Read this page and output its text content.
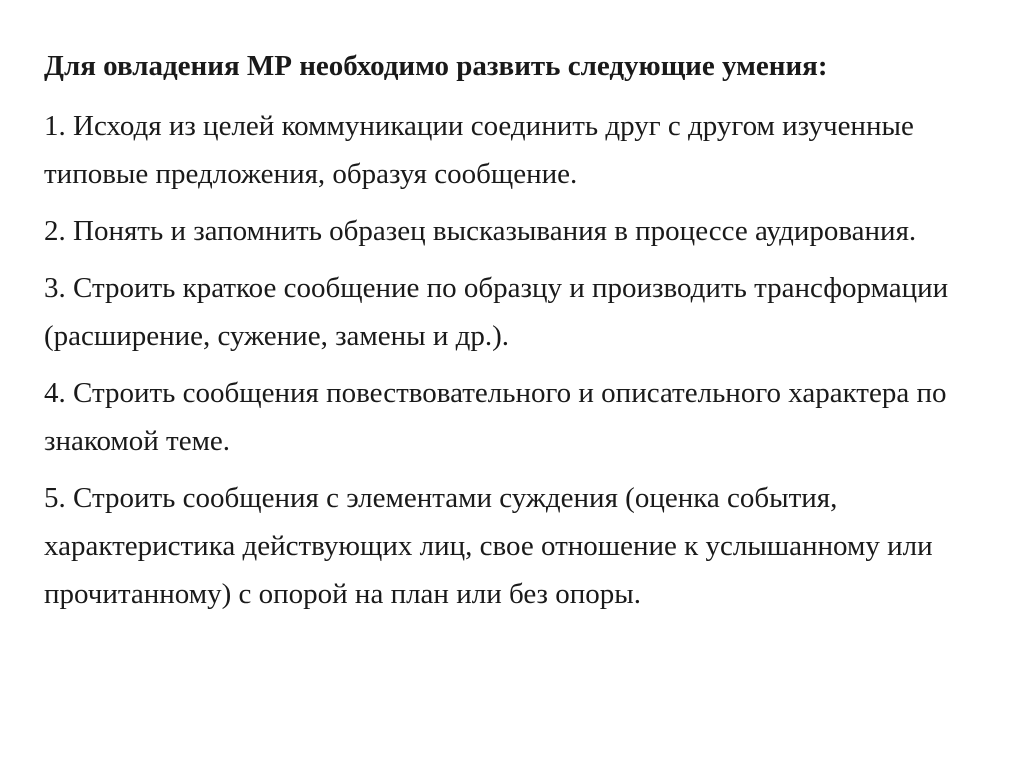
Для овладения МР необходимо развить следующие умения:

1. Исходя из целей коммуникации соединить друг с другом изученные типовые предложения, образуя сообщение.

2. Понять и запомнить образец высказывания в процессе аудирования.

3. Строить краткое сообщение по образцу и производить трансформации (расширение, сужение, замены и др.).

4. Строить сообщения повествовательного и описательного характера по знакомой теме.

5. Строить сообщения с элементами суждения (оценка события, характеристика действующих лиц, свое отношение к услышанному или прочитанному) с опорой на план или без опоры.
